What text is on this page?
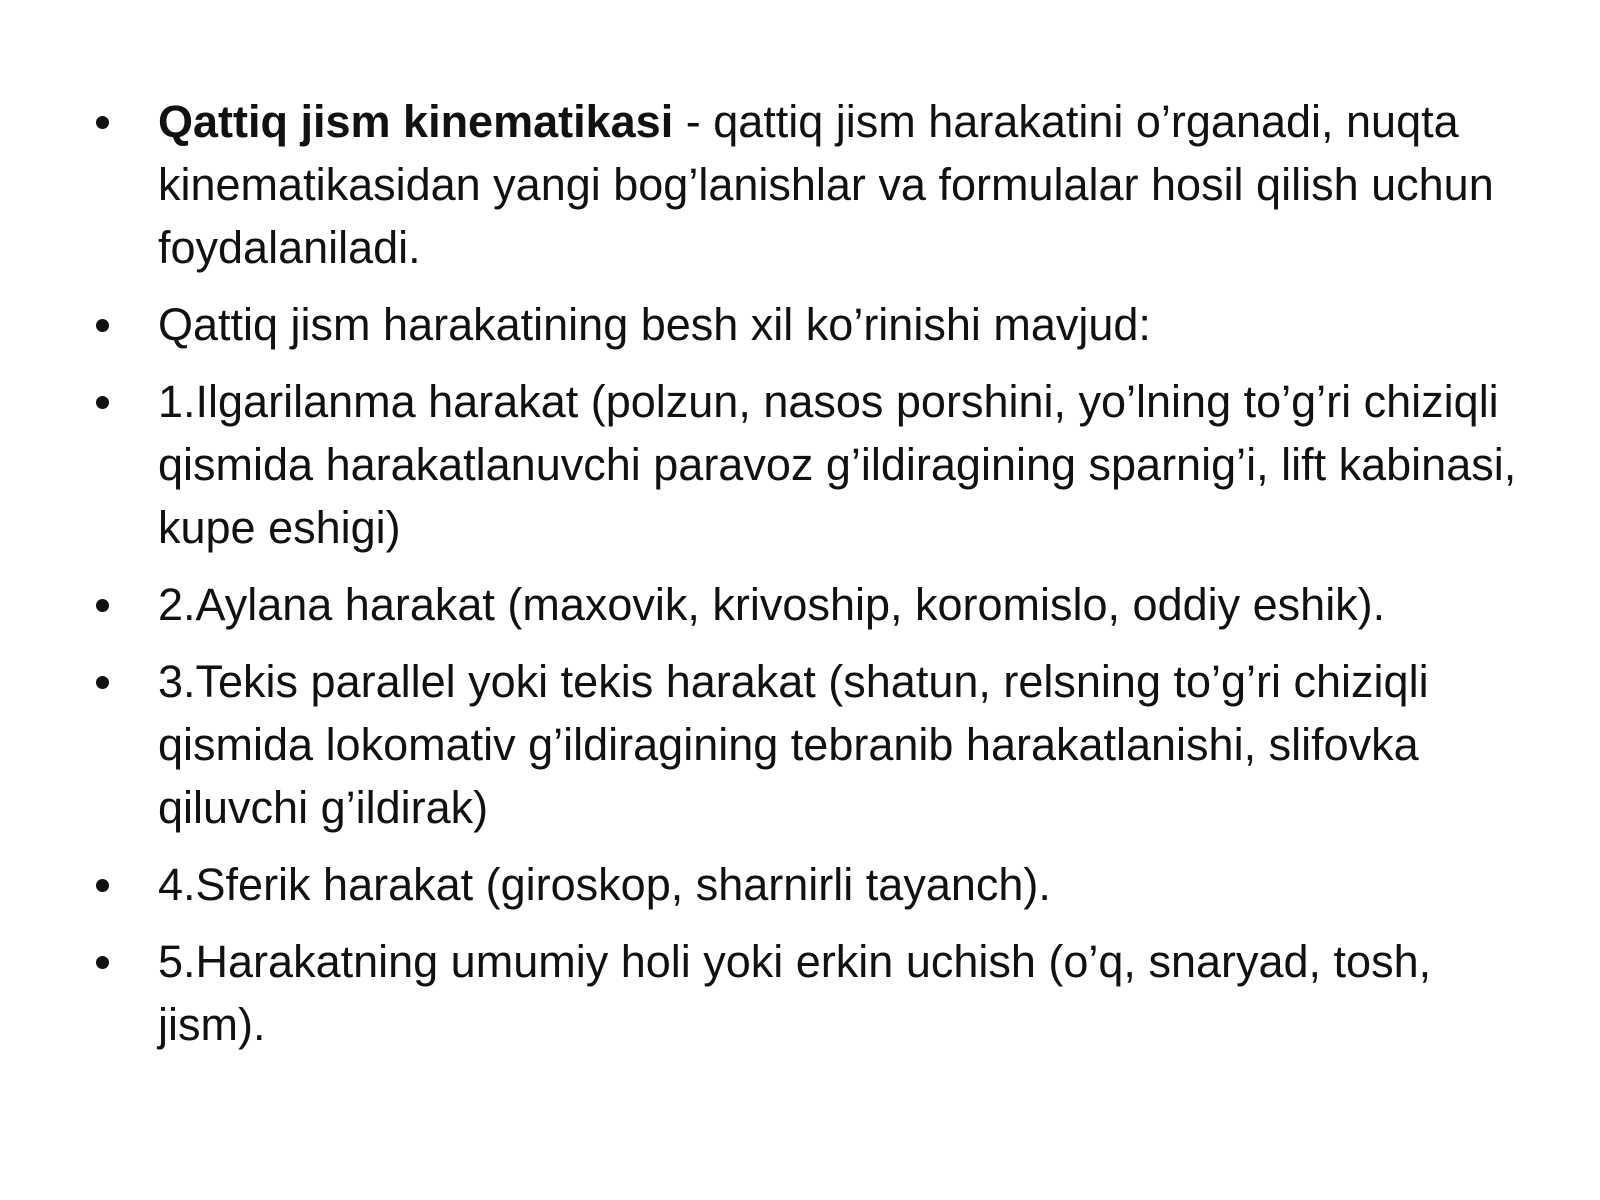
Qattiq jism kinematikasi - qattiq jism harakatini o’rganadi, nuqta kinematikasidan yangi bog’lanishlar va formulalar hosil qilish uchun foydalaniladi.
Qattiq jism harakatining besh xil ko’rinishi mavjud:
1.Ilgarilanma harakat (polzun, nasos porshini, yo’lning to’g’ri chiziqli qismida harakatlanuvchi paravoz g’ildiragining sparnig’i, lift kabinasi, kupe eshigi)
2.Aylana harakat (maxovik, krivoship, koromislo, oddiy eshik).
3.Tekis parallel yoki tekis harakat (shatun, relsning to’g’ri chiziqli qismida lokomativ g’ildiragining tebranib harakatlanishi, slifovka qiluvchi g’ildirak)
4.Sferik harakat (giroskop, sharnirli tayanch).
5.Harakatning umumiy holi yoki erkin uchish (o’q, snaryad, tosh, jism).
